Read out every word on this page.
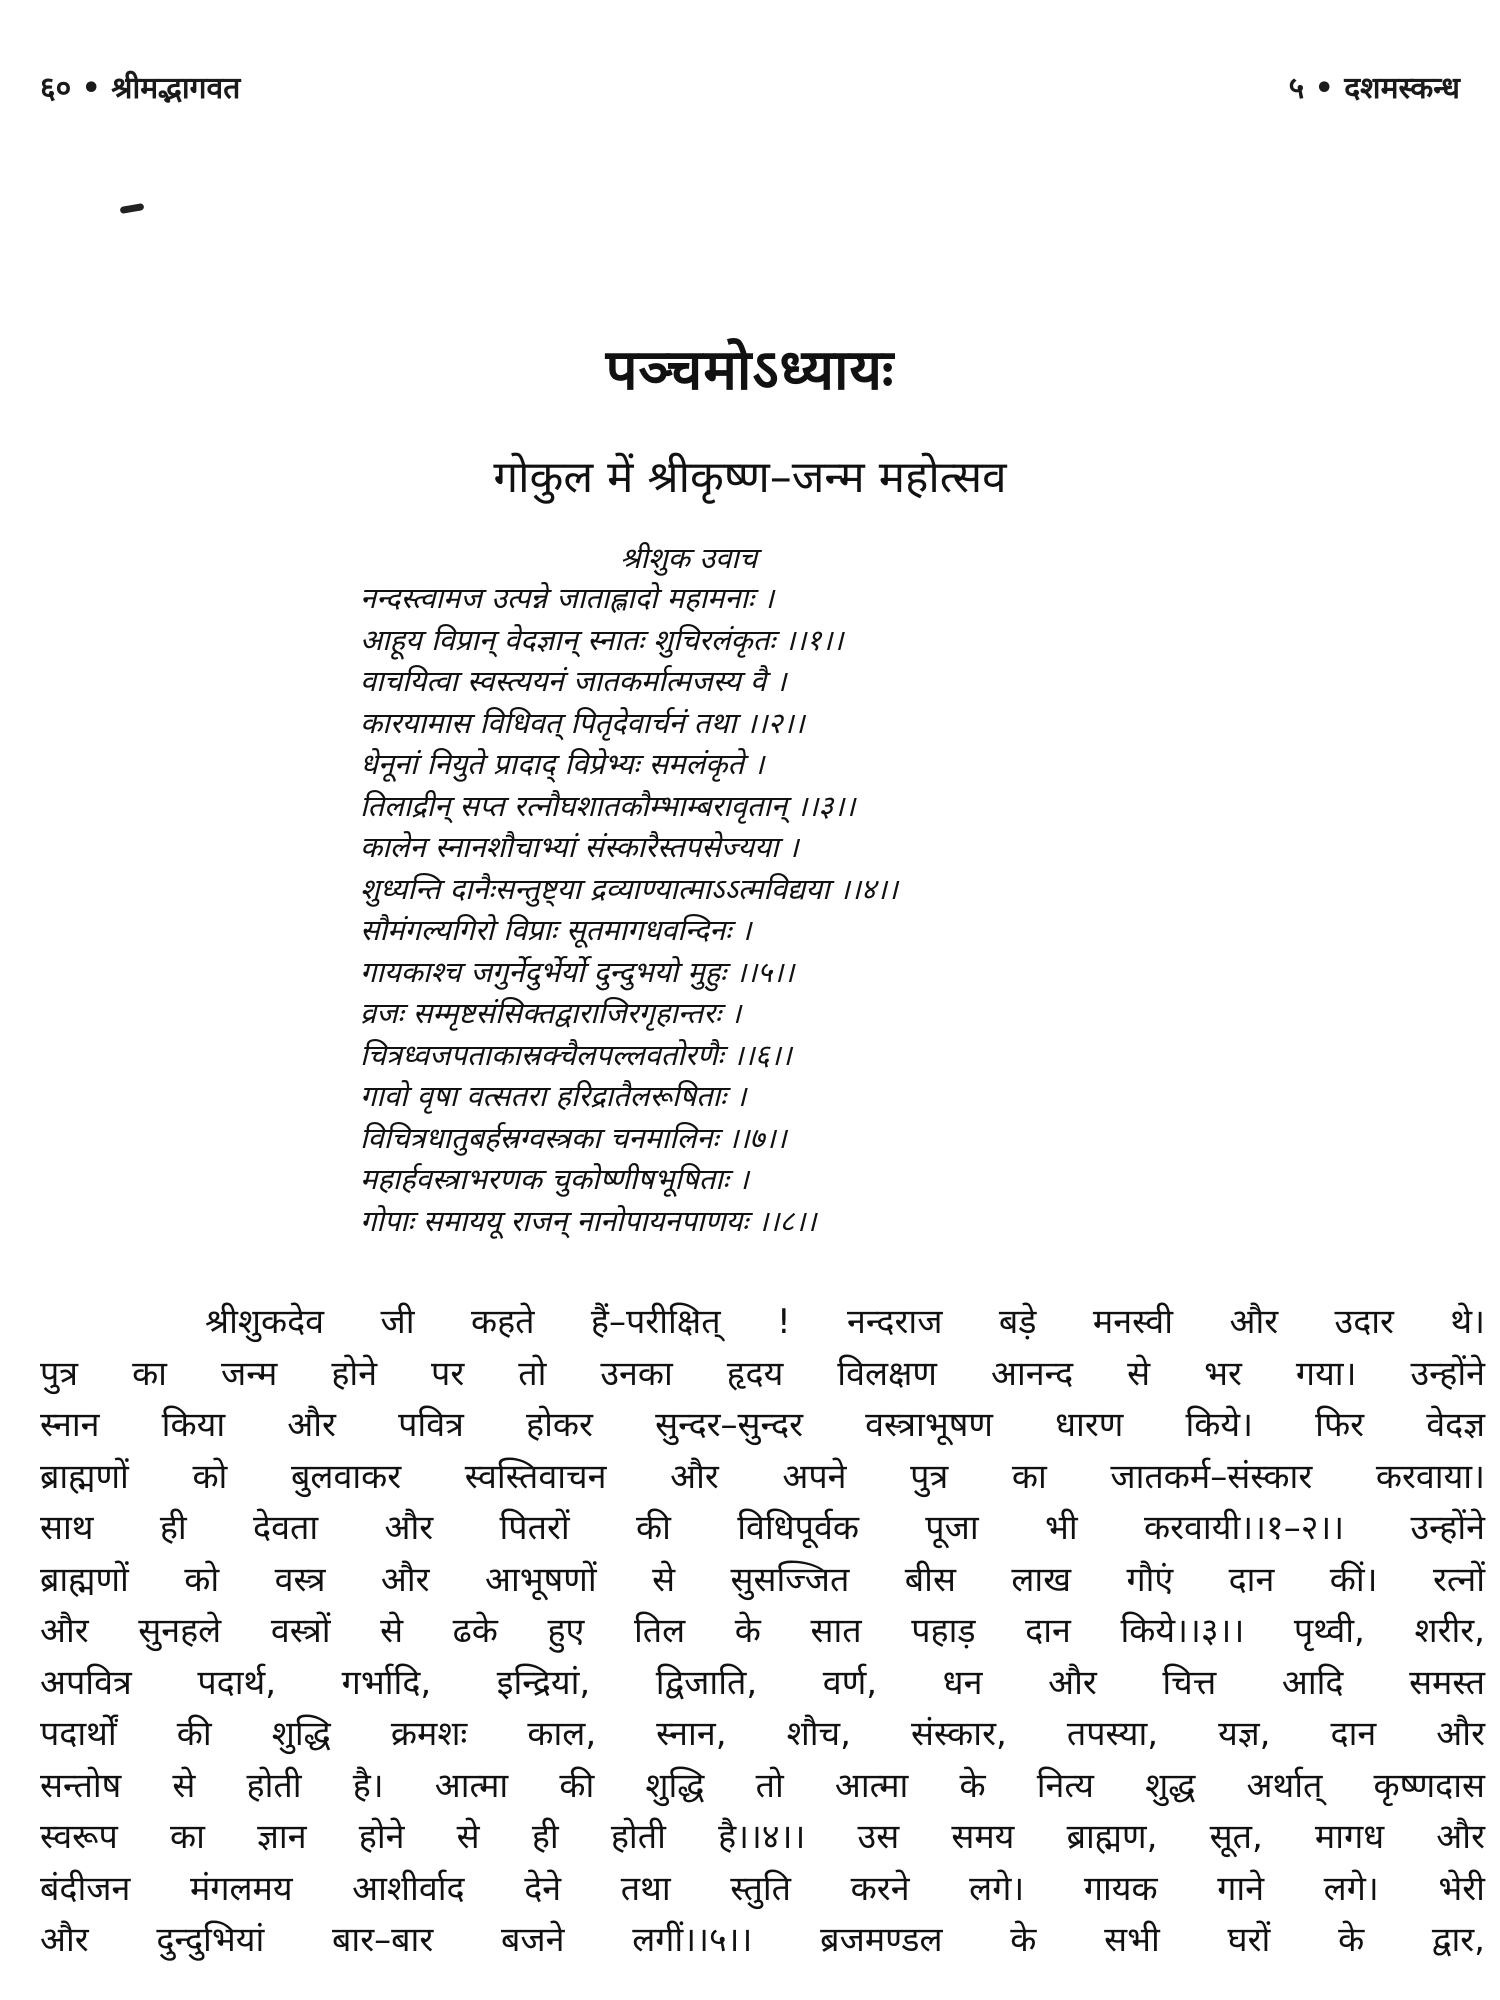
६० • श्रीमद्भागवत	५ • दशमस्कन्ध
पञ्चमोऽध्यायः
गोकुल में श्रीकृष्ण–जन्म महोत्सव
श्रीशुक उवाच
नन्दस्त्वामज उत्पन्ने जाताह्लादो महामनाः ।
आहूय विप्रान् वेदज्ञान् स्नातः शुचिरलंकृतः ।।१।।
वाचयित्वा स्वस्त्ययनं जातकर्मात्मजस्य वै ।
कारयामास विधिवत् पितृदेवार्चनं तथा ।।२।।
धेनूनां नियुते प्रादाद् विप्रेभ्यः समलंकृते ।
तिलाद्रीन् सप्त रत्नौघशातकौम्भाम्बरावृतान् ।।३।।
कालेन स्नानशौचाभ्यां संस्कारैस्तपसेज्यया ।
शुध्यन्ति दानैःसन्तुष्ट्या द्रव्याण्यात्माऽऽत्मविद्यया ।।४।।
सौमंगल्यगिरो विप्राः सूतमागधवन्दिनः ।
गायकाश्च जगुर्नेदुर्भेर्यो दुन्दुभयो मुहुः ।।५।।
व्रजः सम्मृष्टसंसिक्तद्वाराजिरगृहान्तरः ।
चित्रध्वजपताकास्रक्चैलपल्लवतोरणैः ।।६।।
गावो वृषा वत्सतरा हरिद्रातैलरूषिताः ।
विचित्रधातुबर्हस्रग्वस्त्रका चनमालिनः ।।७।।
महार्हवस्त्राभरणक चुकोष्णीषभूषिताः ।
गोपाः समाययू राजन् नानोपायनपाणयः ।।८।।
श्रीशुकदेव जी कहते हैं–परीक्षित् ! नन्दराज बड़े मनस्वी और उदार थे।
पुत्र का जन्म होने पर तो उनका हृदय विलक्षण आनन्द से भर गया। उन्होंने
स्नान किया और पवित्र होकर सुन्दर–सुन्दर वस्त्राभूषण धारण किये। फिर वेदज्ञ
ब्राह्मणों को बुलवाकर स्वस्तिवाचन और अपने पुत्र का जातकर्म–संस्कार करवाया।
साथ ही देवता और पितरों की विधिपूर्वक पूजा भी करवायी।।१–२।। उन्होंने
ब्राह्मणों को वस्त्र और आभूषणों से सुसज्जित बीस लाख गौएं दान कीं। रत्नों
और सुनहले वस्त्रों से ढके हुए तिल के सात पहाड़ दान किये।।३।। पृथ्वी, शरीर,
अपवित्र पदार्थ, गर्भादि, इन्द्रियां, द्विजाति, वर्ण, धन और चित्त आदि समस्त
पदार्थों की शुद्धि क्रमशः काल, स्नान, शौच, संस्कार, तपस्या, यज्ञ, दान और
सन्तोष से होती है। आत्मा की शुद्धि तो आत्मा के नित्य शुद्ध अर्थात् कृष्णदास
स्वरूप का ज्ञान होने से ही होती है।।४।। उस समय ब्राह्मण, सूत, मागध और
बंदीजन मंगलमय आशीर्वाद देने तथा स्तुति करने लगे। गायक गाने लगे। भेरी
और दुन्दुभियां बार–बार बजने लगीं।।५।। ब्रजमण्डल के सभी घरों के द्वार,
